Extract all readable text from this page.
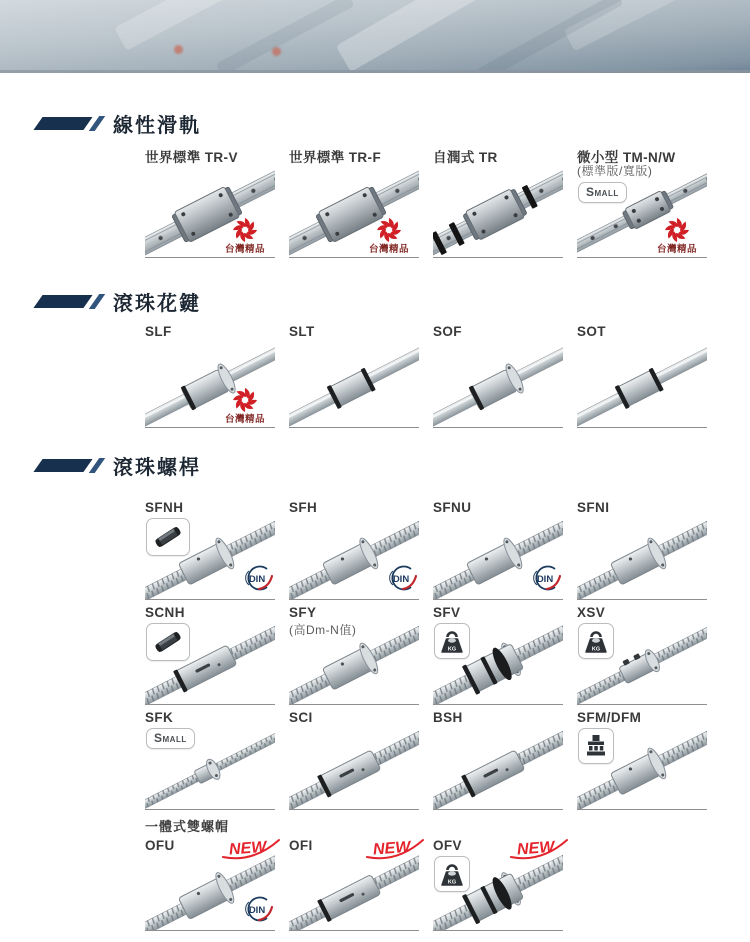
線性滑軌
世界標準 TR-V
台灣精品
世界標準 TR-F
台灣精品
自潤式 TR	微小型 TM-N/W
(標準版/寬版)
Small
台灣精品
滾珠花鍵
SLF
台灣精品
SLT	SOF	SOT
滾珠螺桿
SFNH
DIN
SFH
DIN
SFNU
DIN
SFNI
SCNH	SFY
(高Dm-N值)
SFV
KG
XSV
KG
SFK
Small
SCI	BSH	SFM/DFM
一體式雙螺帽
OFU	NEW
DIN
OFI	NEW OFV
KG
NEW
